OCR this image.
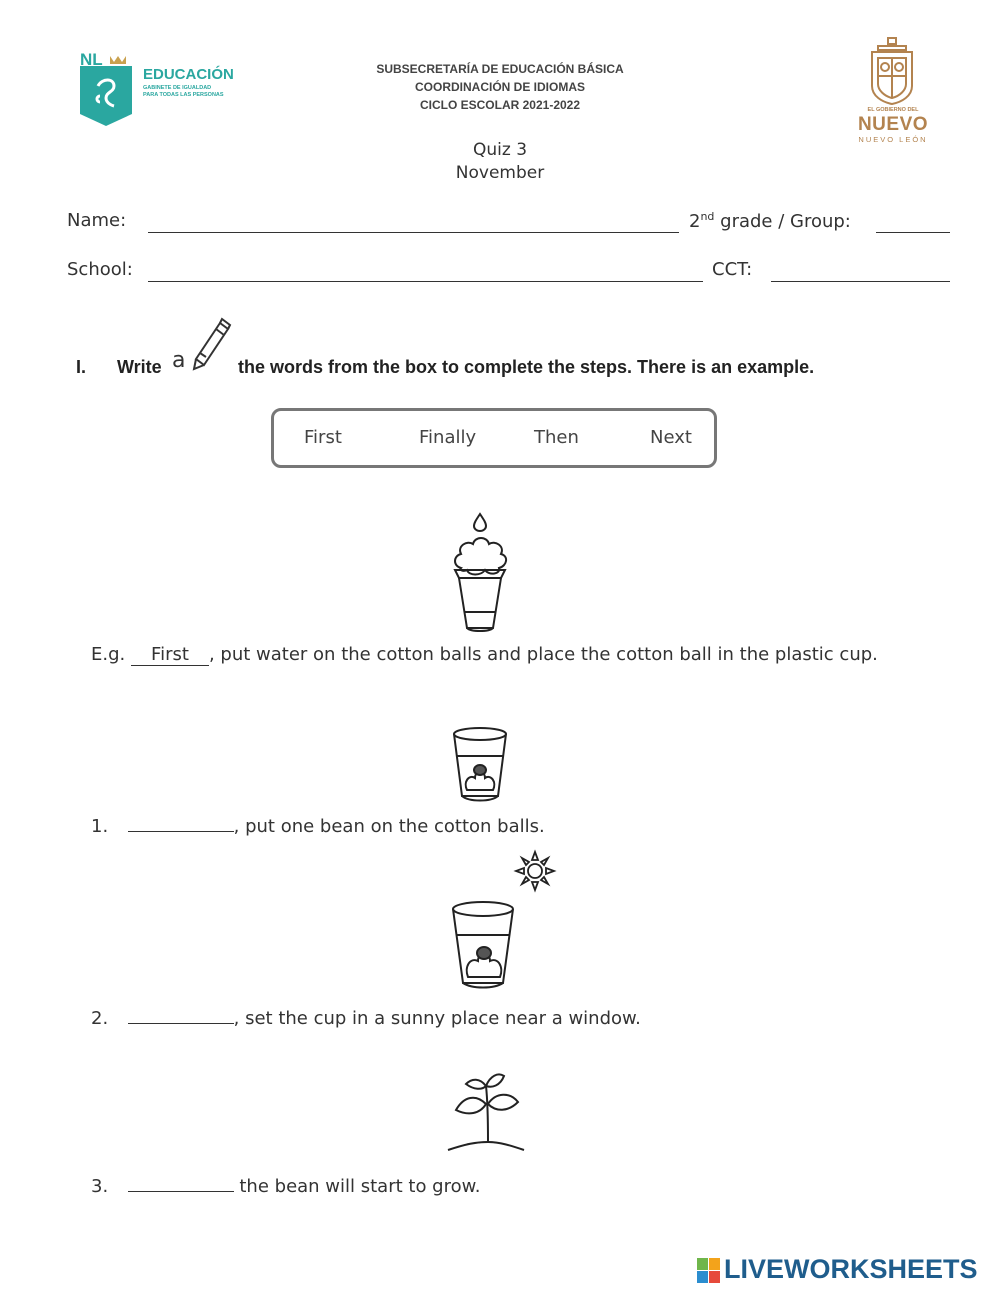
NL
EDUCACIÓN
GABINETE DE IGUALDAD
PARA TODAS LAS PERSONAS
SUBSECRETARÍA DE EDUCACIÓN BÁSICA
COORDINACIÓN DE IDIOMAS
CICLO ESCOLAR 2021-2022	EL GOBIERNO DEL
NUEVO
NUEVO LEÓN
Quiz 3
November
Name:	2nd grade / Group:
School:	CCT:
I. Write a	the words from the box to complete the steps. There is an example.
First	Finally	Then	Next
E.g. First , put water on the cotton balls and place the cotton ball in the plastic cup.
1.	, put one bean on the cotton balls.
2.	, set the cup in a sunny place near a window.
3.	the bean will start to grow.
LIVEWORKSHEETS
